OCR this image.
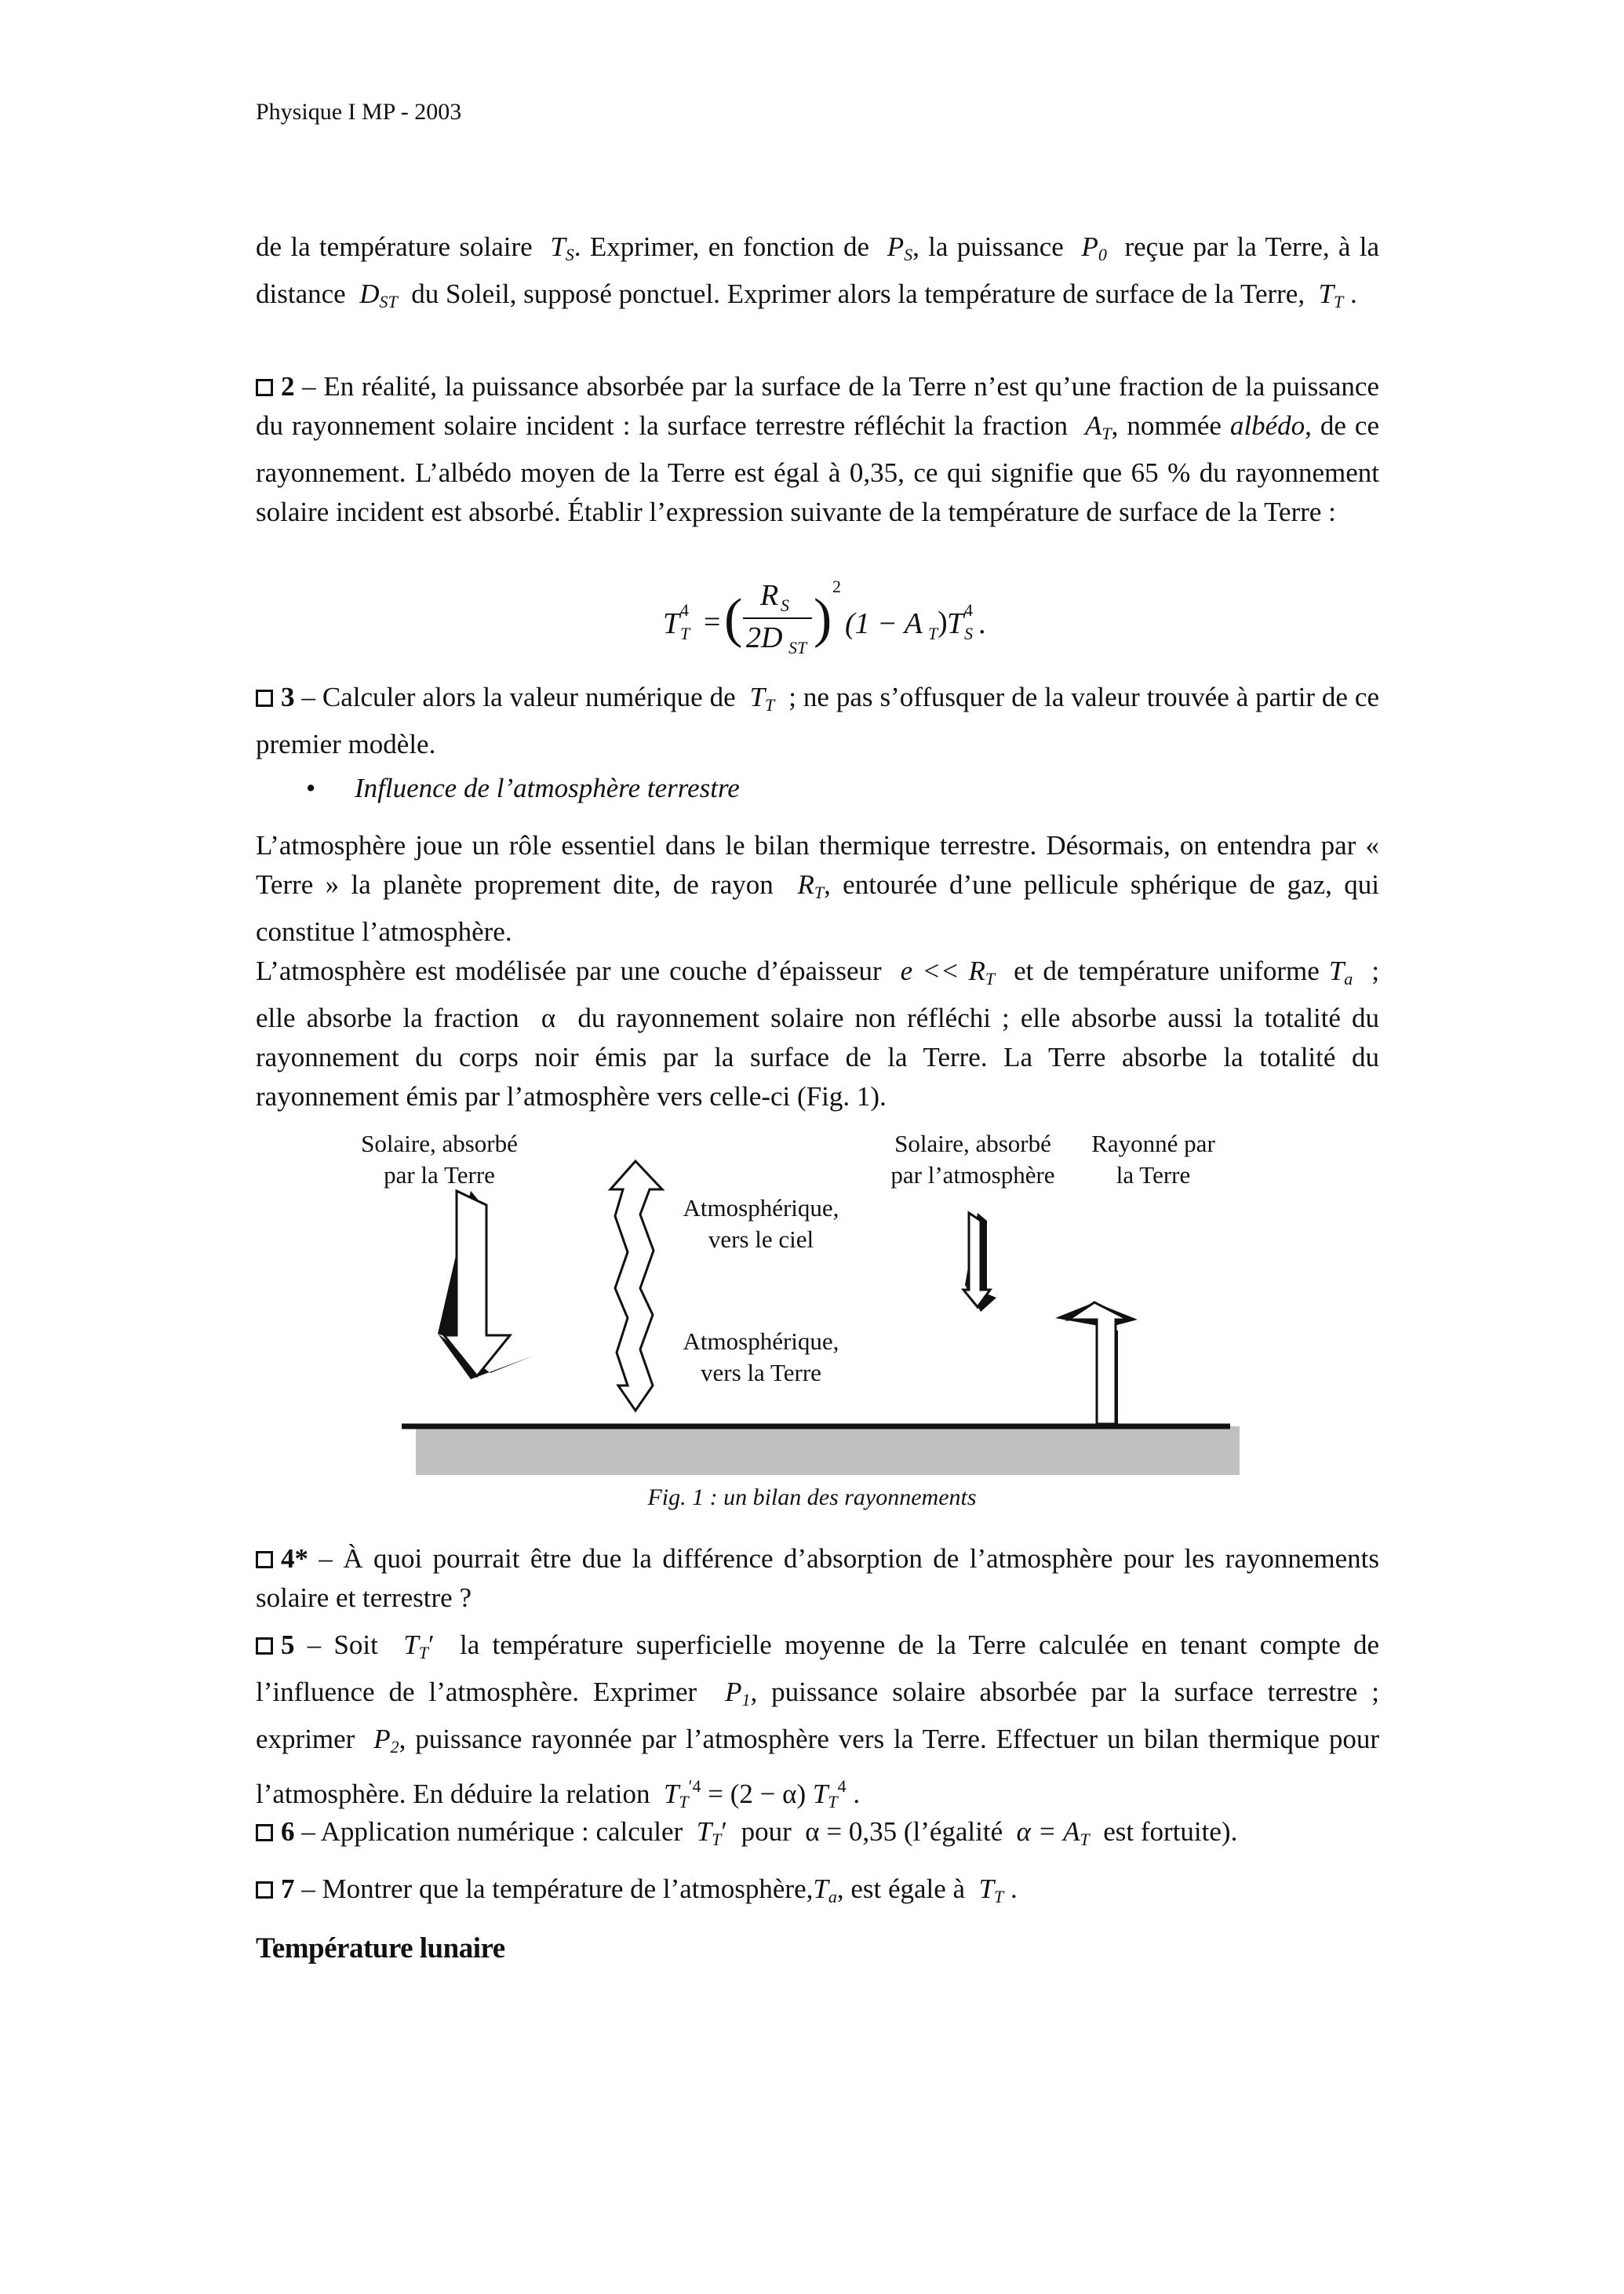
Physique I MP - 2003

de la température solaire $T_S$. Exprimer, en fonction de $P_S$, la puissance $P_0$ reçue par la Terre, à la distance $D_{ST}$ du Soleil, supposé ponctuel. Exprimer alors la température de surface de la Terre, $T_T$ .

2 – En réalité, la puissance absorbée par la surface de la Terre n’est qu’une fraction de la puissance du rayonnement solaire incident : la surface terrestre réfléchit la fraction $A_T$, nommée albédo, de ce rayonnement. L’albédo moyen de la Terre est égal à 0,35, ce qui signifie que 65 % du rayonnement solaire incident est absorbé. Établir l’expression suivante de la température de surface de la Terre :

T T
4 = ( R S
2D ST )
2
(1 − A T ) T S
4 .

3 – Calculer alors la valeur numérique de $T_T$ ; ne pas s’offusquer de la valeur trouvée à partir de ce premier modèle.

• Influence de l’atmosphère terrestre

L’atmosphère joue un rôle essentiel dans le bilan thermique terrestre. Désormais, on entendra par « Terre » la planète proprement dite, de rayon $R_T$, entourée d’une pellicule sphérique de gaz, qui constitue l’atmosphère.

L’atmosphère est modélisée par une couche d’épaisseur $e << R_T$ et de température uniforme $T_a$ ; elle absorbe la fraction α du rayonnement solaire non réfléchi ; elle absorbe aussi la totalité du rayonnement du corps noir émis par la surface de la Terre. La Terre absorbe la totalité du rayonnement émis par l’atmosphère vers celle-ci (Fig. 1).

Solaire, absorbé
par la Terre
Atmosphérique,
vers le ciel
Atmosphérique,
vers la Terre
Solaire, absorbé
par l’atmosphère
Rayonné par
la Terre
Fig. 1 : un bilan des rayonnements

4* – À quoi pourrait être due la différence d’absorption de l’atmosphère pour les rayonnements solaire et terrestre ?

5 – Soit $T_T'$ la température superficielle moyenne de la Terre calculée en tenant compte de l’influence de l’atmosphère. Exprimer $P_1$, puissance solaire absorbée par la surface terrestre ; exprimer $P_2$, puissance rayonnée par l’atmosphère vers la Terre. Effectuer un bilan thermique pour l’atmosphère. En déduire la relation $T_T^{'4} = (2 - \alpha)$ $T_T^4$ .

6 – Application numérique : calculer $T_T'$ pour α = 0,35 (l’égalité $\alpha = A_T$ est fortuite).

7 – Montrer que la température de $l’atmosphère,T_a$, est égale à $T_T$ .

Température lunaire
